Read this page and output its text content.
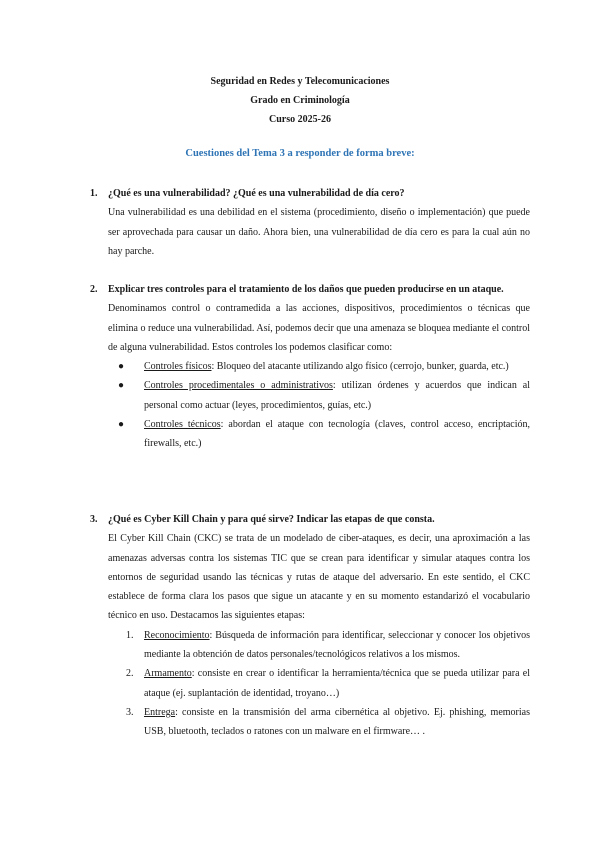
Seguridad en Redes y Telecomunicaciones
Grado en Criminología
Curso 2025-26
Cuestiones del Tema 3 a responder de forma breve:
1. ¿Qué es una vulnerabilidad? ¿Qué es una vulnerabilidad de día cero?
Una vulnerabilidad es una debilidad en el sistema (procedimiento, diseño o implementación) que puede ser aprovechada para causar un daño. Ahora bien, una vulnerabilidad de día cero es para la cual aún no hay parche.
2. Explicar tres controles para el tratamiento de los daños que pueden producirse en un ataque.
Denominamos control o contramedida a las acciones, dispositivos, procedimientos o técnicas que elimina o reduce una vulnerabilidad. Así, podemos decir que una amenaza se bloquea mediante el control de alguna vulnerabilidad. Estos controles los podemos clasificar como:
● Controles físicos: Bloqueo del atacante utilizando algo físico (cerrojo, bunker, guarda, etc.)
● Controles procedimentales o administrativos: utilizan órdenes y acuerdos que indican al personal como actuar (leyes, procedimientos, guías, etc.)
● Controles técnicos: abordan el ataque con tecnología (claves, control acceso, encriptación, firewalls, etc.)
3. ¿Qué es Cyber Kill Chain y para qué sirve? Indicar las etapas de que consta.
El Cyber Kill Chain (CKC) se trata de un modelado de ciber-ataques, es decir, una aproximación a las amenazas adversas contra los sistemas TIC que se crean para identificar y simular ataques contra los entornos de seguridad usando las técnicas y rutas de ataque del adversario. En este sentido, el CKC establece de forma clara los pasos que sigue un atacante y en su momento estandarizó el vocabulario técnico en uso. Destacamos las siguientes etapas:
1. Reconocimiento: Búsqueda de información para identificar, seleccionar y conocer los objetivos mediante la obtención de datos personales/tecnológicos relativos a los mismos.
2. Armamento: consiste en crear o identificar la herramienta/técnica que se pueda utilizar para el ataque (ej. suplantación de identidad, troyano…)
3. Entrega: consiste en la transmisión del arma cibernética al objetivo. Ej. phishing, memorias USB, bluetooth, teclados o ratones con un malware en el firmware… .
